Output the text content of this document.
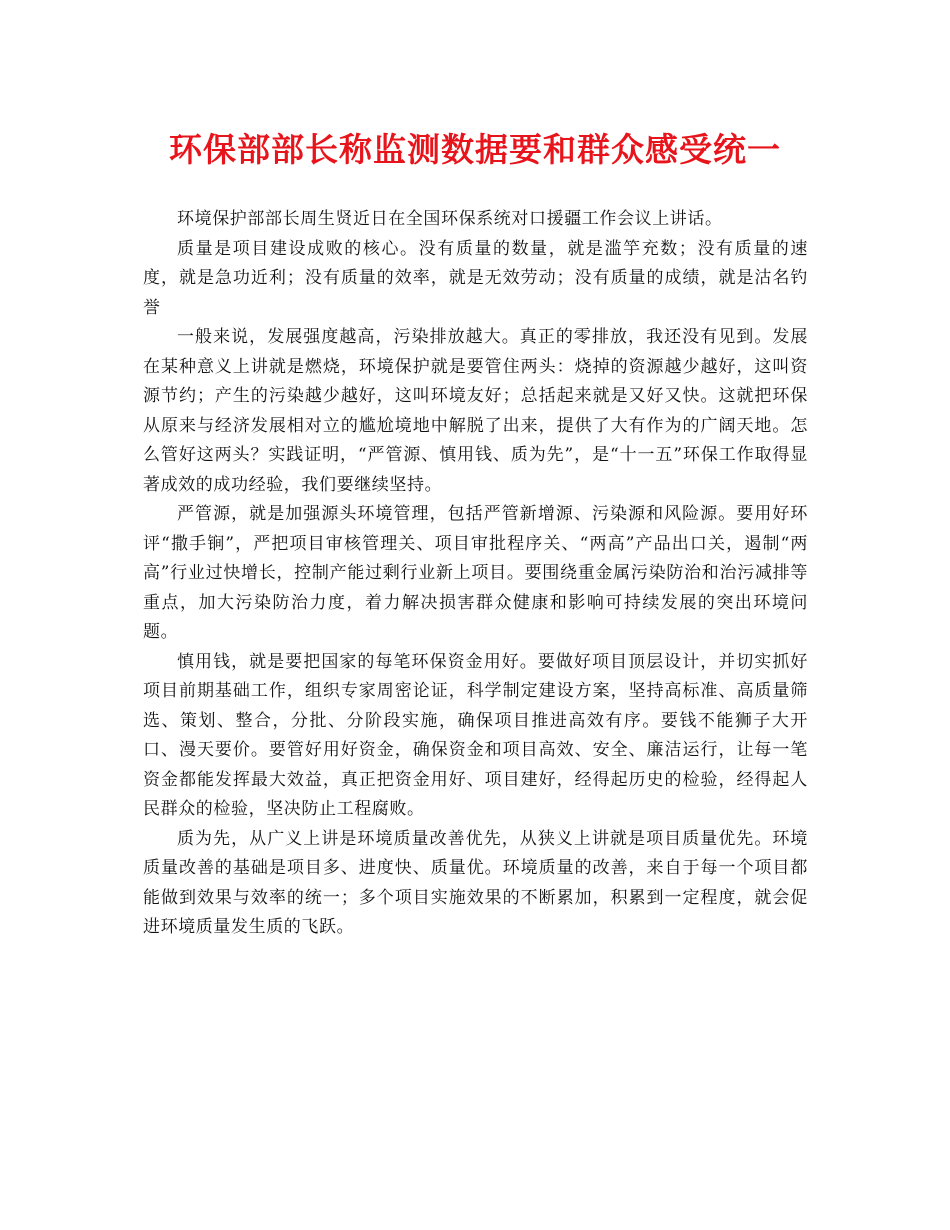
环保部部长称监测数据要和群众感受统一

环境保护部部长周生贤近日在全国环保系统对口援疆工作会议上讲话。

质量是项目建设成败的核心。没有质量的数量，就是滥竽充数；没有质量的速度，就是急功近利；没有质量的效率，就是无效劳动；没有质量的成绩，就是沽名钓誉

一般来说，发展强度越高，污染排放越大。真正的零排放，我还没有见到。发展在某种意义上讲就是燃烧，环境保护就是要管住两头：烧掉的资源越少越好，这叫资源节约；产生的污染越少越好，这叫环境友好；总括起来就是又好又快。这就把环保从原来与经济发展相对立的尴尬境地中解脱了出来，提供了大有作为的广阔天地。怎么管好这两头？实践证明，“严管源、慎用钱、质为先”，是“十一五”环保工作取得显著成效的成功经验，我们要继续坚持。

严管源，就是加强源头环境管理，包括严管新增源、污染源和风险源。要用好环评“撒手锏”，严把项目审核管理关、项目审批程序关、“两高”产品出口关，遏制“两高”行业过快增长，控制产能过剩行业新上项目。要围绕重金属污染防治和治污减排等重点，加大污染防治力度，着力解决损害群众健康和影响可持续发展的突出环境问题。

慎用钱，就是要把国家的每笔环保资金用好。要做好项目顶层设计，并切实抓好项目前期基础工作，组织专家周密论证，科学制定建设方案，坚持高标准、高质量筛选、策划、整合，分批、分阶段实施，确保项目推进高效有序。要钱不能狮子大开口、漫天要价。要管好用好资金，确保资金和项目高效、安全、廉洁运行，让每一笔资金都能发挥最大效益，真正把资金用好、项目建好，经得起历史的检验，经得起人民群众的检验，坚决防止工程腐败。

质为先，从广义上讲是环境质量改善优先，从狭义上讲就是项目质量优先。环境质量改善的基础是项目多、进度快、质量优。环境质量的改善，来自于每一个项目都能做到效果与效率的统一；多个项目实施效果的不断累加，积累到一定程度，就会促进环境质量发生质的飞跃。
